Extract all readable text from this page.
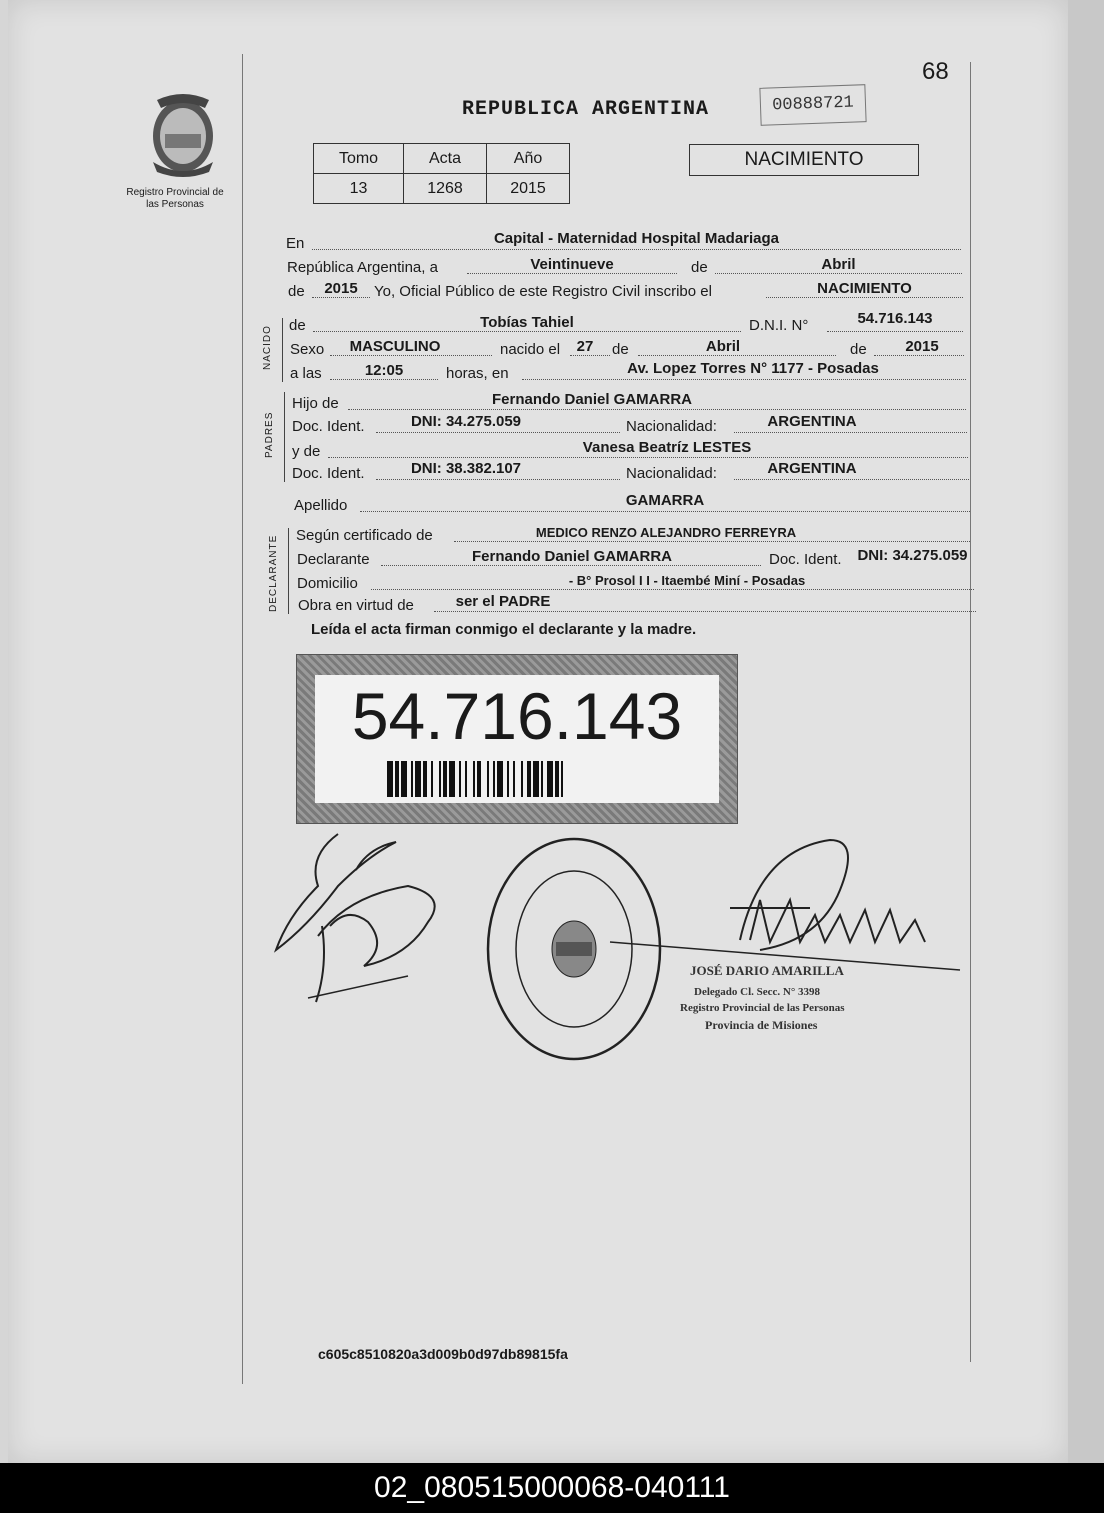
68
Registro Provincial de las Personas
REPUBLICA ARGENTINA	00888721
Tomo	Acta	Año
13	1268	2015
NACIMIENTO
En	Capital - Maternidad Hospital Madariaga
República Argentina, a	Veintinueve	de	Abril
de	2015	Yo, Oficial Público de este Registro Civil inscribo el	NACIMIENTO
NACIDO de	Tobías Tahiel	D.N.I. N°	54.716.143
Sexo	MASCULINO	nacido el	27	de	Abril	de	2015
a las	12:05	horas, en	Av. Lopez Torres N° 1177 - Posadas
PADRES
Hijo de	Fernando Daniel GAMARRA
Doc. Ident.	DNI: 34.275.059	Nacionalidad:	ARGENTINA
y de	Vanesa Beatríz LESTES
Doc. Ident.	DNI: 38.382.107	Nacionalidad:	ARGENTINA
Apellido	GAMARRA
DECLARANTE Según certificado de	MEDICO RENZO ALEJANDRO FERREYRA
Declarante	Fernando Daniel GAMARRA	Doc. Ident. DNI: 34.275.059
Domicilio	- B° Prosol I I - Itaembé Miní - Posadas
Obra en virtud de	ser el PADRE
Leída el acta firman conmigo el declarante y la madre.
54.716.143
JOSÉ DARIO AMARILLA
Delegado Cl. Secc. N° 3398
Registro Provincial de las Personas
Provincia de Misiones
c605c8510820a3d009b0d97db89815fa
02_080515000068-040111
